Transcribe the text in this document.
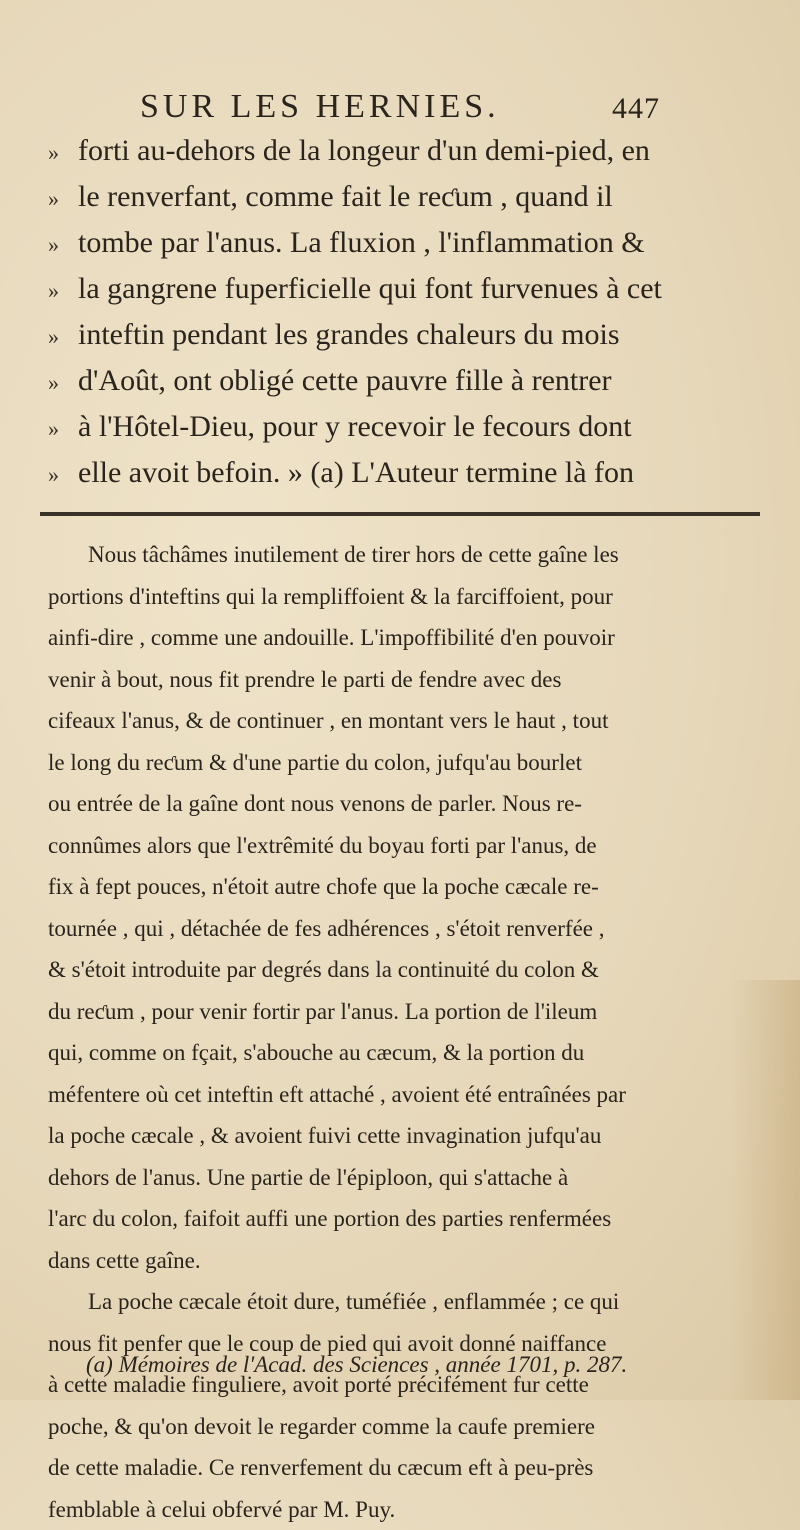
SUR LES HERNIES.	447
» forti au-dehors de la longeur d'un demi-pied, en
» le renverfant, comme fait le reƈum , quand il
» tombe par l'anus. La fluxion , l'inflammation &
» la gangrene fuperficielle qui font furvenues à cet
» inteftin pendant les grandes chaleurs du mois
» d'Août, ont obligé cette pauvre fille à rentrer
» à l'Hôtel-Dieu, pour y recevoir le fecours dont
» elle avoit befoin. » (a) L'Auteur termine là fon
Nous tâchâmes inutilement de tirer hors de cette gaîne les
portions d'inteftins qui la rempliffoient & la farciffoient, pour
ainfi-dire , comme une andouille. L'impoffibilité d'en pouvoir
venir à bout, nous fit prendre le parti de fendre avec des
cifeaux l'anus, & de continuer , en montant vers le haut , tout
le long du reƈum & d'une partie du colon, jufqu'au bourlet
ou entrée de la gaîne dont nous venons de parler. Nous re-
connûmes alors que l'extrêmité du boyau forti par l'anus, de
fix à fept pouces, n'étoit autre chofe que la poche cæcale re-
tournée , qui , détachée de fes adhérences , s'étoit renverfée ,
& s'étoit introduite par degrés dans la continuité du colon &
du reƈum , pour venir fortir par l'anus. La portion de l'ileum
qui, comme on fçait, s'abouche au cæcum, & la portion du
méfentere où cet inteftin eft attaché , avoient été entraînées par
la poche cæcale , & avoient fuivi cette invagination jufqu'au
dehors de l'anus. Une partie de l'épiploon, qui s'attache à
l'arc du colon, faifoit auffi une portion des parties renfermées
dans cette gaîne.
La poche cæcale étoit dure, tuméfiée , enflammée ; ce qui
nous fit penfer que le coup de pied qui avoit donné naiffance
à cette maladie finguliere, avoit porté précifément fur cette
poche, & qu'on devoit le regarder comme la caufe premiere
de cette maladie. Ce renverfement du cæcum eft à peu-près
femblable à celui obfervé par M. Puy.
(a) Mémoires de l'Acad. des Sciences , année 1701, p. 287.
